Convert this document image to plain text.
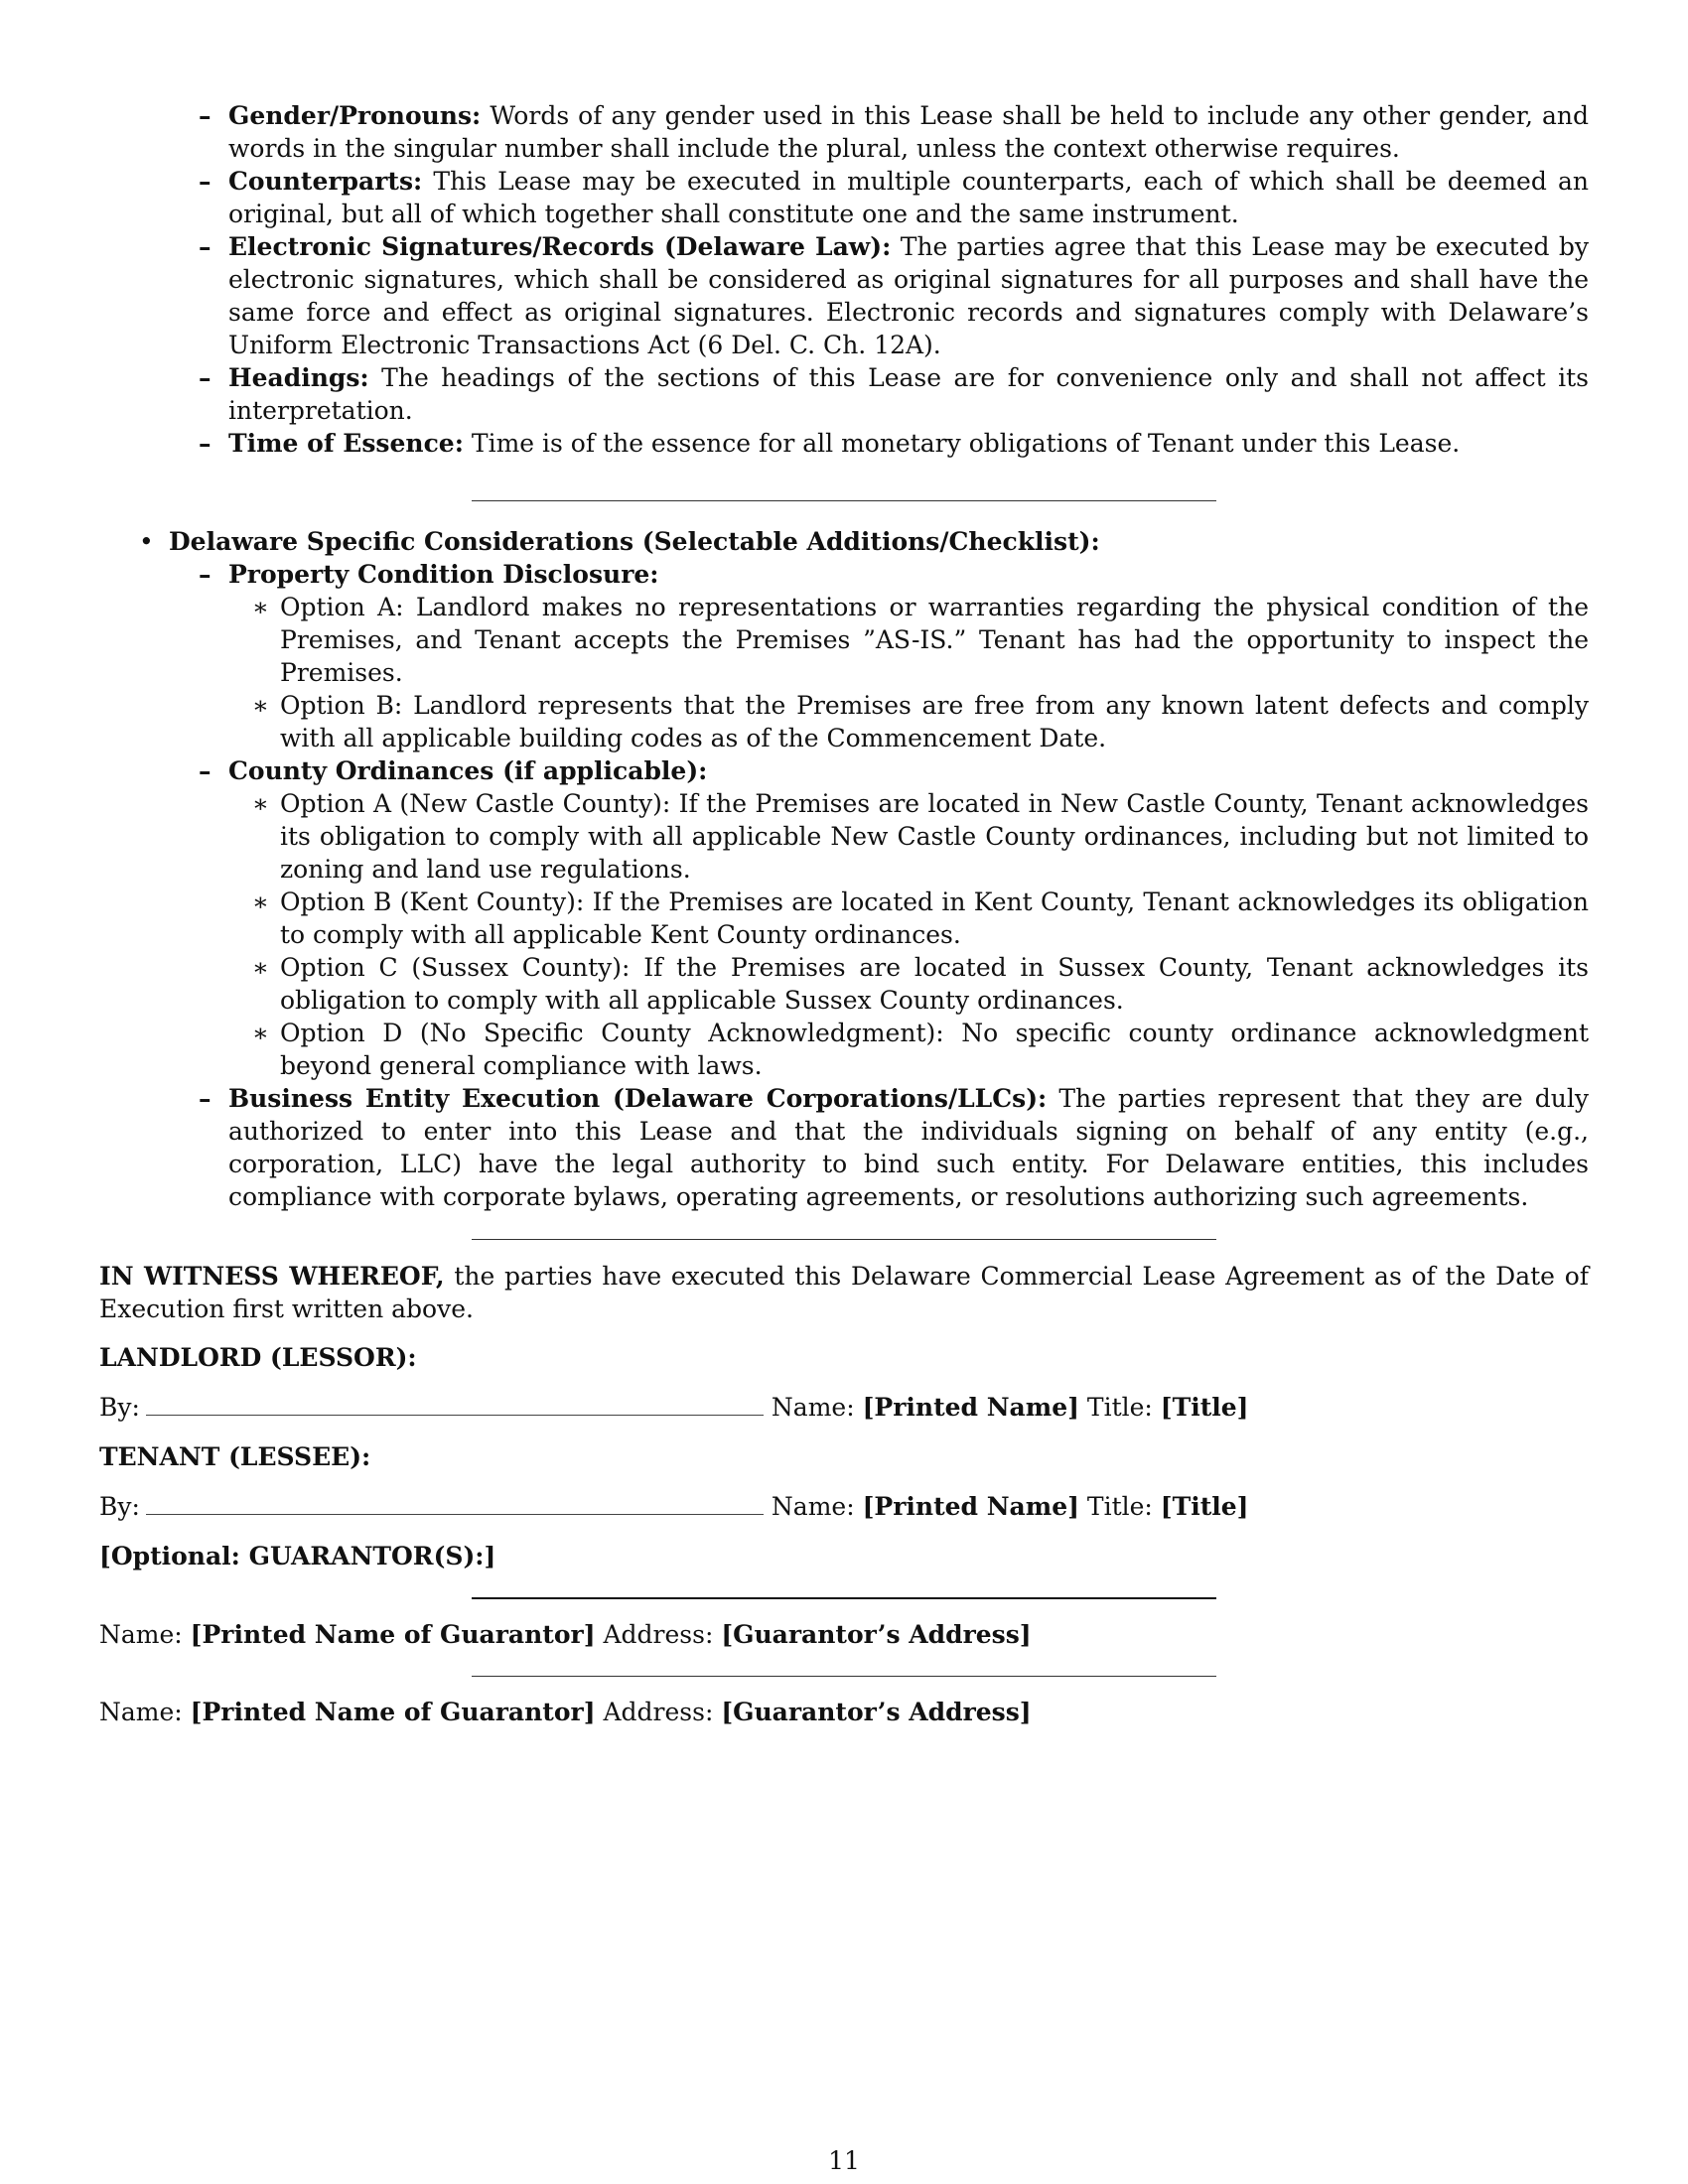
– Gender/Pronouns: Words of any gender used in this Lease shall be held to include any other gender, and words in the singular number shall include the plural, unless the context otherwise requires.
– Counterparts: This Lease may be executed in multiple counterparts, each of which shall be deemed an original, but all of which together shall constitute one and the same instrument.
– Electronic Signatures/Records (Delaware Law): The parties agree that this Lease may be executed by electronic signatures, which shall be considered as original signatures for all purposes and shall have the same force and effect as original signatures. Electronic records and signatures comply with Delaware’s Uniform Electronic Transactions Act (6 Del. C. Ch. 12A).
– Headings: The headings of the sections of this Lease are for convenience only and shall not affect its interpretation.
– Time of Essence: Time is of the essence for all monetary obligations of Tenant under this Lease.
• Delaware Specific Considerations (Selectable Additions/Checklist):
– Property Condition Disclosure:
∗ Option A: Landlord makes no representations or warranties regarding the physical condition of the Premises, and Tenant accepts the Premises ”AS-IS.” Tenant has had the opportunity to inspect the Premises.
∗ Option B: Landlord represents that the Premises are free from any known latent defects and comply with all applicable building codes as of the Commencement Date.
– County Ordinances (if applicable):
∗ Option A (New Castle County): If the Premises are located in New Castle County, Tenant acknowledges its obligation to comply with all applicable New Castle County ordinances, including but not limited to zoning and land use regulations.
∗ Option B (Kent County): If the Premises are located in Kent County, Tenant acknowledges its obligation to comply with all applicable Kent County ordinances.
∗ Option C (Sussex County): If the Premises are located in Sussex County, Tenant acknowledges its obligation to comply with all applicable Sussex County ordinances.
∗ Option D (No Specific County Acknowledgment): No specific county ordinance acknowledgment beyond general compliance with laws.
– Business Entity Execution (Delaware Corporations/LLCs): The parties represent that they are duly authorized to enter into this Lease and that the individuals signing on behalf of any entity (e.g., corporation, LLC) have the legal authority to bind such entity. For Delaware entities, this includes compliance with corporate bylaws, operating agreements, or resolutions authorizing such agreements.

IN WITNESS WHEREOF, the parties have executed this Delaware Commercial Lease Agreement as of the Date of Execution first written above.

LANDLORD (LESSOR):
By:	Name: [Printed Name] Title: [Title]
TENANT (LESSEE):
By:	Name: [Printed Name] Title: [Title]
[Optional: GUARANTOR(S):]
Name: [Printed Name of Guarantor] Address: [Guarantor’s Address]
Name: [Printed Name of Guarantor] Address: [Guarantor’s Address]
11
